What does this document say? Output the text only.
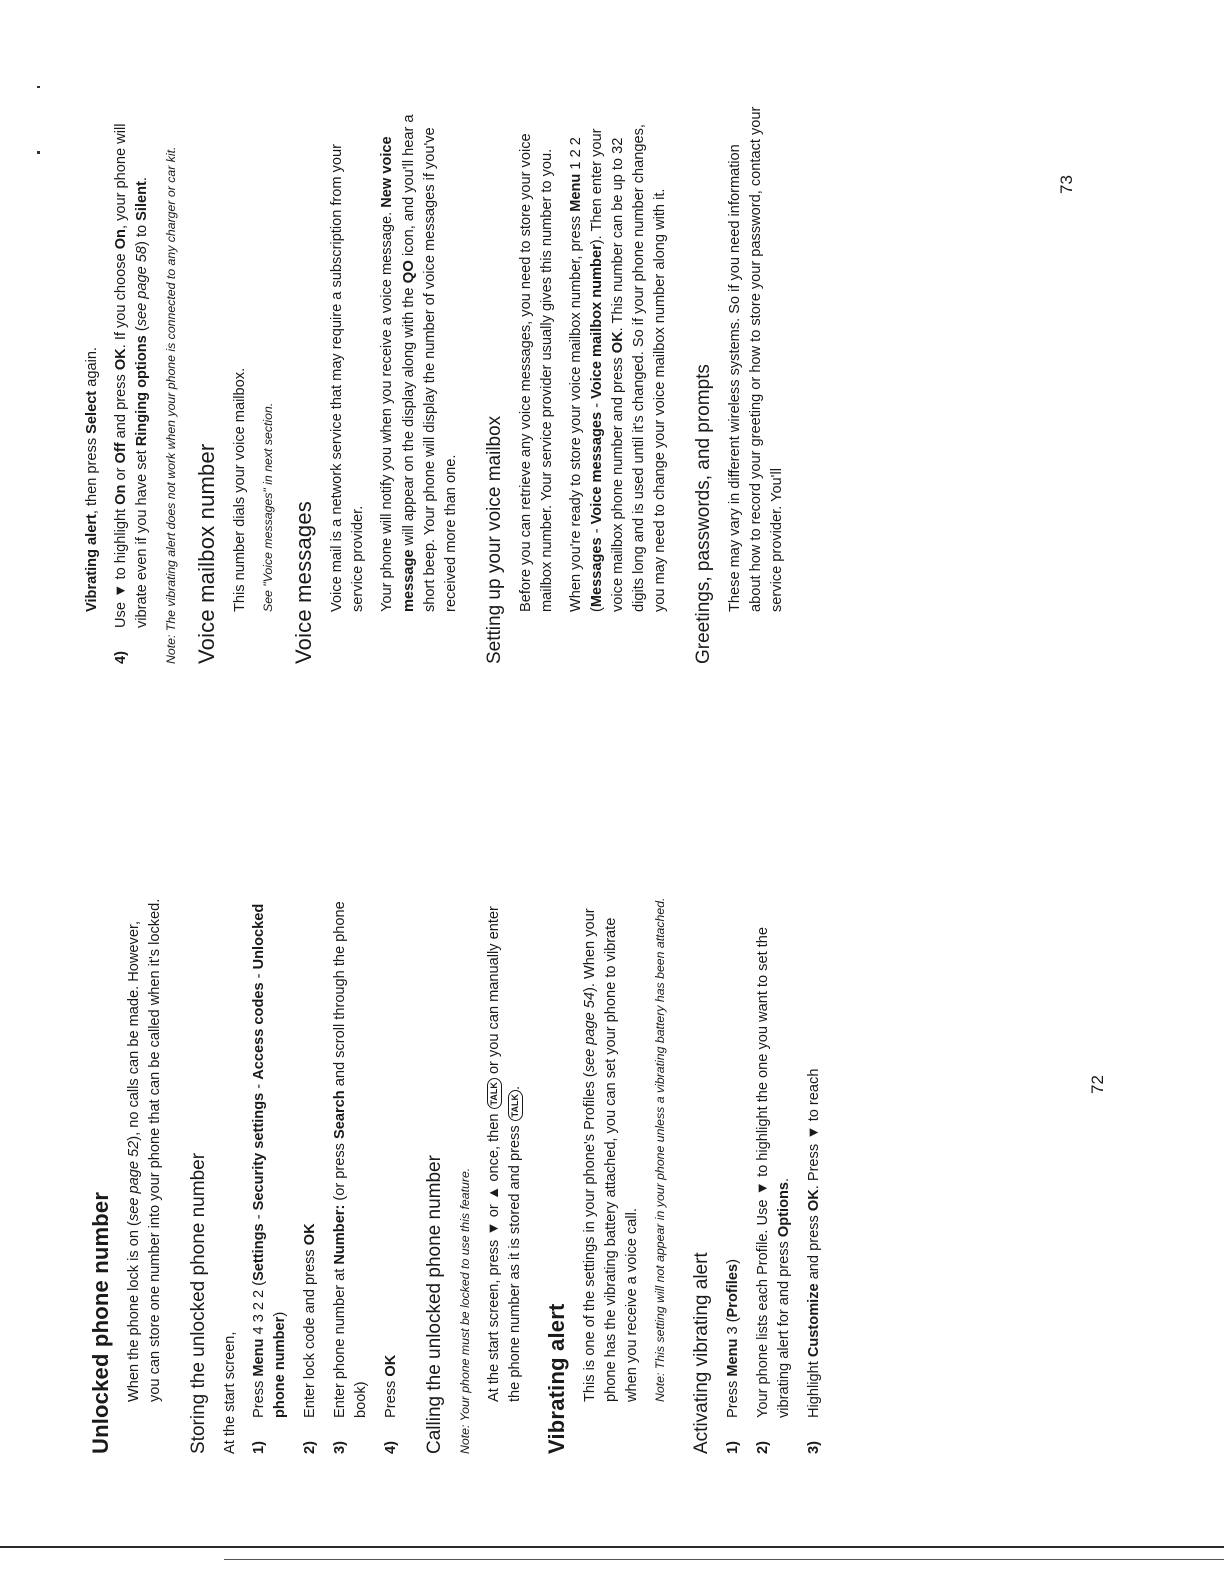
Unlocked phone number When the phone lock is on (see page 52), no calls can be made. However, you can store one number into your phone that can be called when it's locked. Storing the unlocked phone number At the start screen, 1)
Press Menu 4 3 2 2 (Settings - Security settings - Access codes - Unlocked phone number)
2)
Enter lock code and press OK
3)
Enter phone number at Number: (or press Search and scroll through the phone book)
4)
Press OK Calling the unlocked phone number Note: Your phone must be locked to use this feature. At the start screen, press ▼ or ▲ once, then TALK or you can manually enter the phone number as it is stored and press TALK.
Vibrating alert This is one of the settings in your phone's Profiles (see page 54). When your phone has the vibrating battery attached, you can set your phone to vibrate when you receive a voice call. Note: This setting will not appear in your phone unless a vibrating battery has been attached. Activating vibrating alert 1)
Press Menu 3 (Profiles)
2)
Your phone lists each Profile. Use ▼ to highlight the one you want to set the vibrating alert for and press Options.
3)
Highlight Customize and press OK. Press ▼ to reach	72
Vibrating alert, then press Select again.
4)
Use ▼ to highlight On or Off and press OK. If you choose On, your phone will vibrate even if you have set Ringing options (see page 58) to Silent. Note: The vibrating alert does not work when your phone is connected to any charger or car kit. Voice mailbox number This number dials your voice mailbox. See "Voice messages" in next section. Voice messages Voice mail is a network service that may require a subscription from your service provider. Your phone will notify you when you receive a voice message. New voice message will appear on the display along with the QO icon, and you'll hear a short beep. Your phone will display the number of voice messages if you've received more than one. Setting up your voice mailbox Before you can retrieve any voice messages, you need to store your voice mailbox number. Your service provider usually gives this number to you. When you're ready to store your voice mailbox number, press Menu 1 2 2 (Messages - Voice messages - Voice mailbox number). Then enter your voice mailbox phone number and press OK. This number can be up to 32 digits long and is used until it's changed. So if your phone number changes, you may need to change your voice mailbox number along with it. Greetings, passwords, and prompts These may vary in different wireless systems. So if you need information about how to record your greeting or how to store your password, contact your service provider. You'll
73
